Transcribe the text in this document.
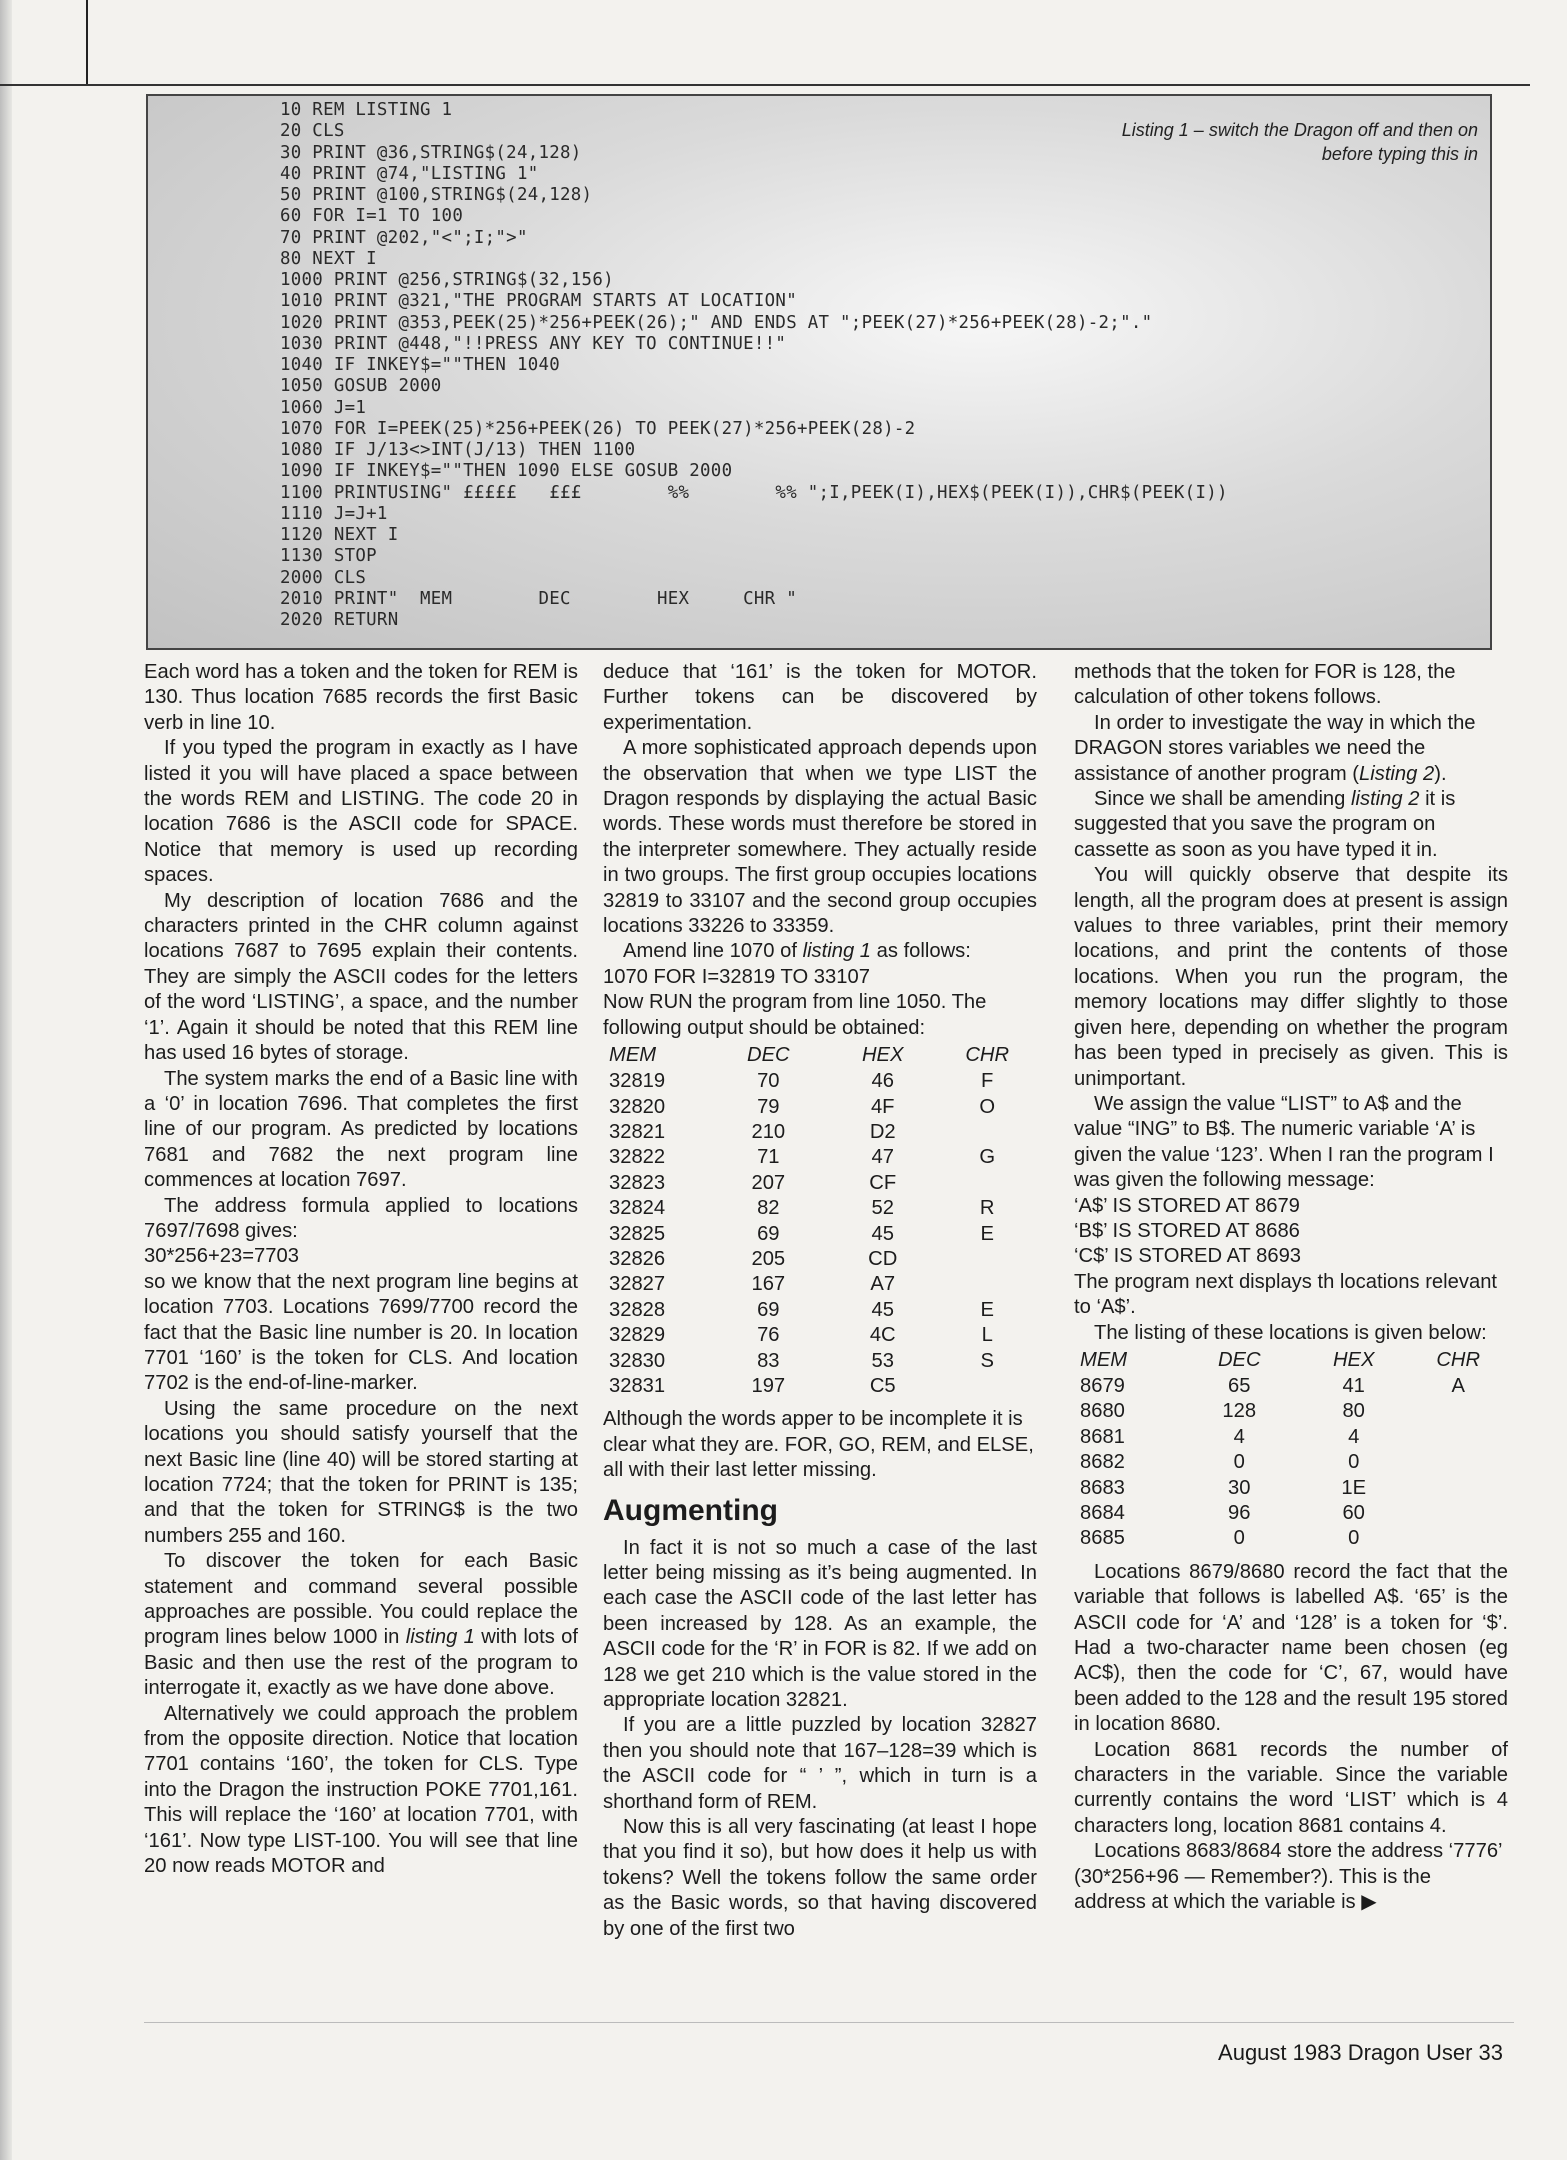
10 REM LISTING 1
20 CLS
30 PRINT @36,STRING$(24,128)
40 PRINT @74,"LISTING 1"
50 PRINT @100,STRING$(24,128)
60 FOR I=1 TO 100
70 PRINT @202,"<";I;">"
80 NEXT I
1000 PRINT @256,STRING$(32,156)
1010 PRINT @321,"THE PROGRAM STARTS AT LOCATION"
1020 PRINT @353,PEEK(25)*256+PEEK(26);" AND ENDS AT ";PEEK(27)*256+PEEK(28)-2;"."
1030 PRINT @448,"!!PRESS ANY KEY TO CONTINUE!!"
1040 IF INKEY$=""THEN 1040
1050 GOSUB 2000
1060 J=1
1070 FOR I=PEEK(25)*256+PEEK(26) TO PEEK(27)*256+PEEK(28)-2
1080 IF J/13<>INT(J/13) THEN 1100
1090 IF INKEY$=""THEN 1090 ELSE GOSUB 2000
1100 PRINTUSING" £££££   £££        %%        %% ";I,PEEK(I),HEX$(PEEK(I)),CHR$(PEEK(I))
1110 J=J+1
1120 NEXT I
1130 STOP
2000 CLS
2010 PRINT"  MEM        DEC        HEX     CHR "
2020 RETURN
Listing 1 – switch the Dragon off and then on before typing this in

Each word has a token and the token for REM is 130. Thus location 7685 records the first Basic verb in line 10.

If you typed the program in exactly as I have listed it you will have placed a space between the words REM and LISTING. The code 20 in location 7686 is the ASCII code for SPACE. Notice that memory is used up recording spaces.

My description of location 7686 and the characters printed in the CHR column against locations 7687 to 7695 explain their contents. They are simply the ASCII codes for the letters of the word ‘LISTING’, a space, and the number ‘1’. Again it should be noted that this REM line has used 16 bytes of storage.

The system marks the end of a Basic line with a ‘0’ in location 7696. That completes the first line of our program. As predicted by locations 7681 and 7682 the next program line commences at location 7697.

The address formula applied to locations 7697/7698 gives:

30*256+23=7703

so we know that the next program line begins at location 7703. Locations 7699/7700 record the fact that the Basic line number is 20. In location 7701 ‘160’ is the token for CLS. And location 7702 is the end-of-line-marker.

Using the same procedure on the next locations you should satisfy yourself that the next Basic line (line 40) will be stored starting at location 7724; that the token for PRINT is 135; and that the token for STRING$ is the two numbers 255 and 160.

To discover the token for each Basic statement and command several possible approaches are possible. You could replace the program lines below 1000 in listing 1 with lots of Basic and then use the rest of the program to interrogate it, exactly as we have done above.

Alternatively we could approach the problem from the opposite direction. Notice that location 7701 contains ‘160’, the token for CLS. Type into the Dragon the instruction POKE 7701,161. This will replace the ‘160’ at location 7701, with ‘161’. Now type LIST-100. You will see that line 20 now reads MOTOR and

deduce that ‘161’ is the token for MOTOR. Further tokens can be discovered by experimentation.

A more sophisticated approach depends upon the observation that when we type LIST the Dragon responds by displaying the actual Basic words. These words must therefore be stored in the interpreter somewhere. They actually reside in two groups. The first group occupies locations 32819 to 33107 and the second group occupies locations 33226 to 33359.

Amend line 1070 of listing 1 as follows:

1070 FOR I=32819 TO 33107

Now RUN the program from line 1050. The following output should be obtained:

MEM	DEC	HEX	CHR
32819	70	46	F
32820	79	4F	O
32821	210	D2	
32822	71	47	G
32823	207	CF	
32824	82	52	R
32825	69	45	E
32826	205	CD	
32827	167	A7	
32828	69	45	E
32829	76	4C	L
32830	83	53	S
32831	197	C5	

Although the words apper to be incomplete it is clear what they are. FOR, GO, REM, and ELSE, all with their last letter missing.

Augmenting

In fact it is not so much a case of the last letter being missing as it’s being augmented. In each case the ASCII code of the last letter has been increased by 128. As an example, the ASCII code for the ‘R’ in FOR is 82. If we add on 128 we get 210 which is the value stored in the appropriate location 32821.

If you are a little puzzled by location 32827 then you should note that 167–128=39 which is the ASCII code for “ ’ ”, which in turn is a shorthand form of REM.

Now this is all very fascinating (at least I hope that you find it so), but how does it help us with tokens? Well the tokens follow the same order as the Basic words, so that having discovered by one of the first two

methods that the token for FOR is 128, the calculation of other tokens follows.

In order to investigate the way in which the DRAGON stores variables we need the assistance of another program (Listing 2).

Since we shall be amending listing 2 it is suggested that you save the program on cassette as soon as you have typed it in.

You will quickly observe that despite its length, all the program does at present is assign values to three variables, print their memory locations, and print the contents of those locations. When you run the program, the memory locations may differ slightly to those given here, depending on whether the program has been typed in precisely as given. This is unimportant.

We assign the value “LIST” to A$ and the value “ING” to B$. The numeric variable ‘A’ is given the value ‘123’. When I ran the program I was given the following message:

‘A$’ IS STORED AT 8679

‘B$’ IS STORED AT 8686

‘C$’ IS STORED AT 8693

The program next displays th locations relevant to ‘A$’.

The listing of these locations is given below:

MEM	DEC	HEX	CHR
8679	65	41	A
8680	128	80	
8681	4	4	
8682	0	0	
8683	30	1E	
8684	96	60	
8685	0	0	

Locations 8679/8680 record the fact that the variable that follows is labelled A$. ‘65’ is the ASCII code for ‘A’ and ‘128’ is a token for ‘$’. Had a two-character name been chosen (eg AC$), then the code for ‘C’, 67, would have been added to the 128 and the result 195 stored in location 8680.

Location 8681 records the number of characters in the variable. Since the variable currently contains the word ‘LIST’ which is 4 characters long, location 8681 contains 4.

Locations 8683/8684 store the address ‘7776’ (30*256+96 — Remember?). This is the address at which the variable is ▶

August 1983 Dragon User 33
